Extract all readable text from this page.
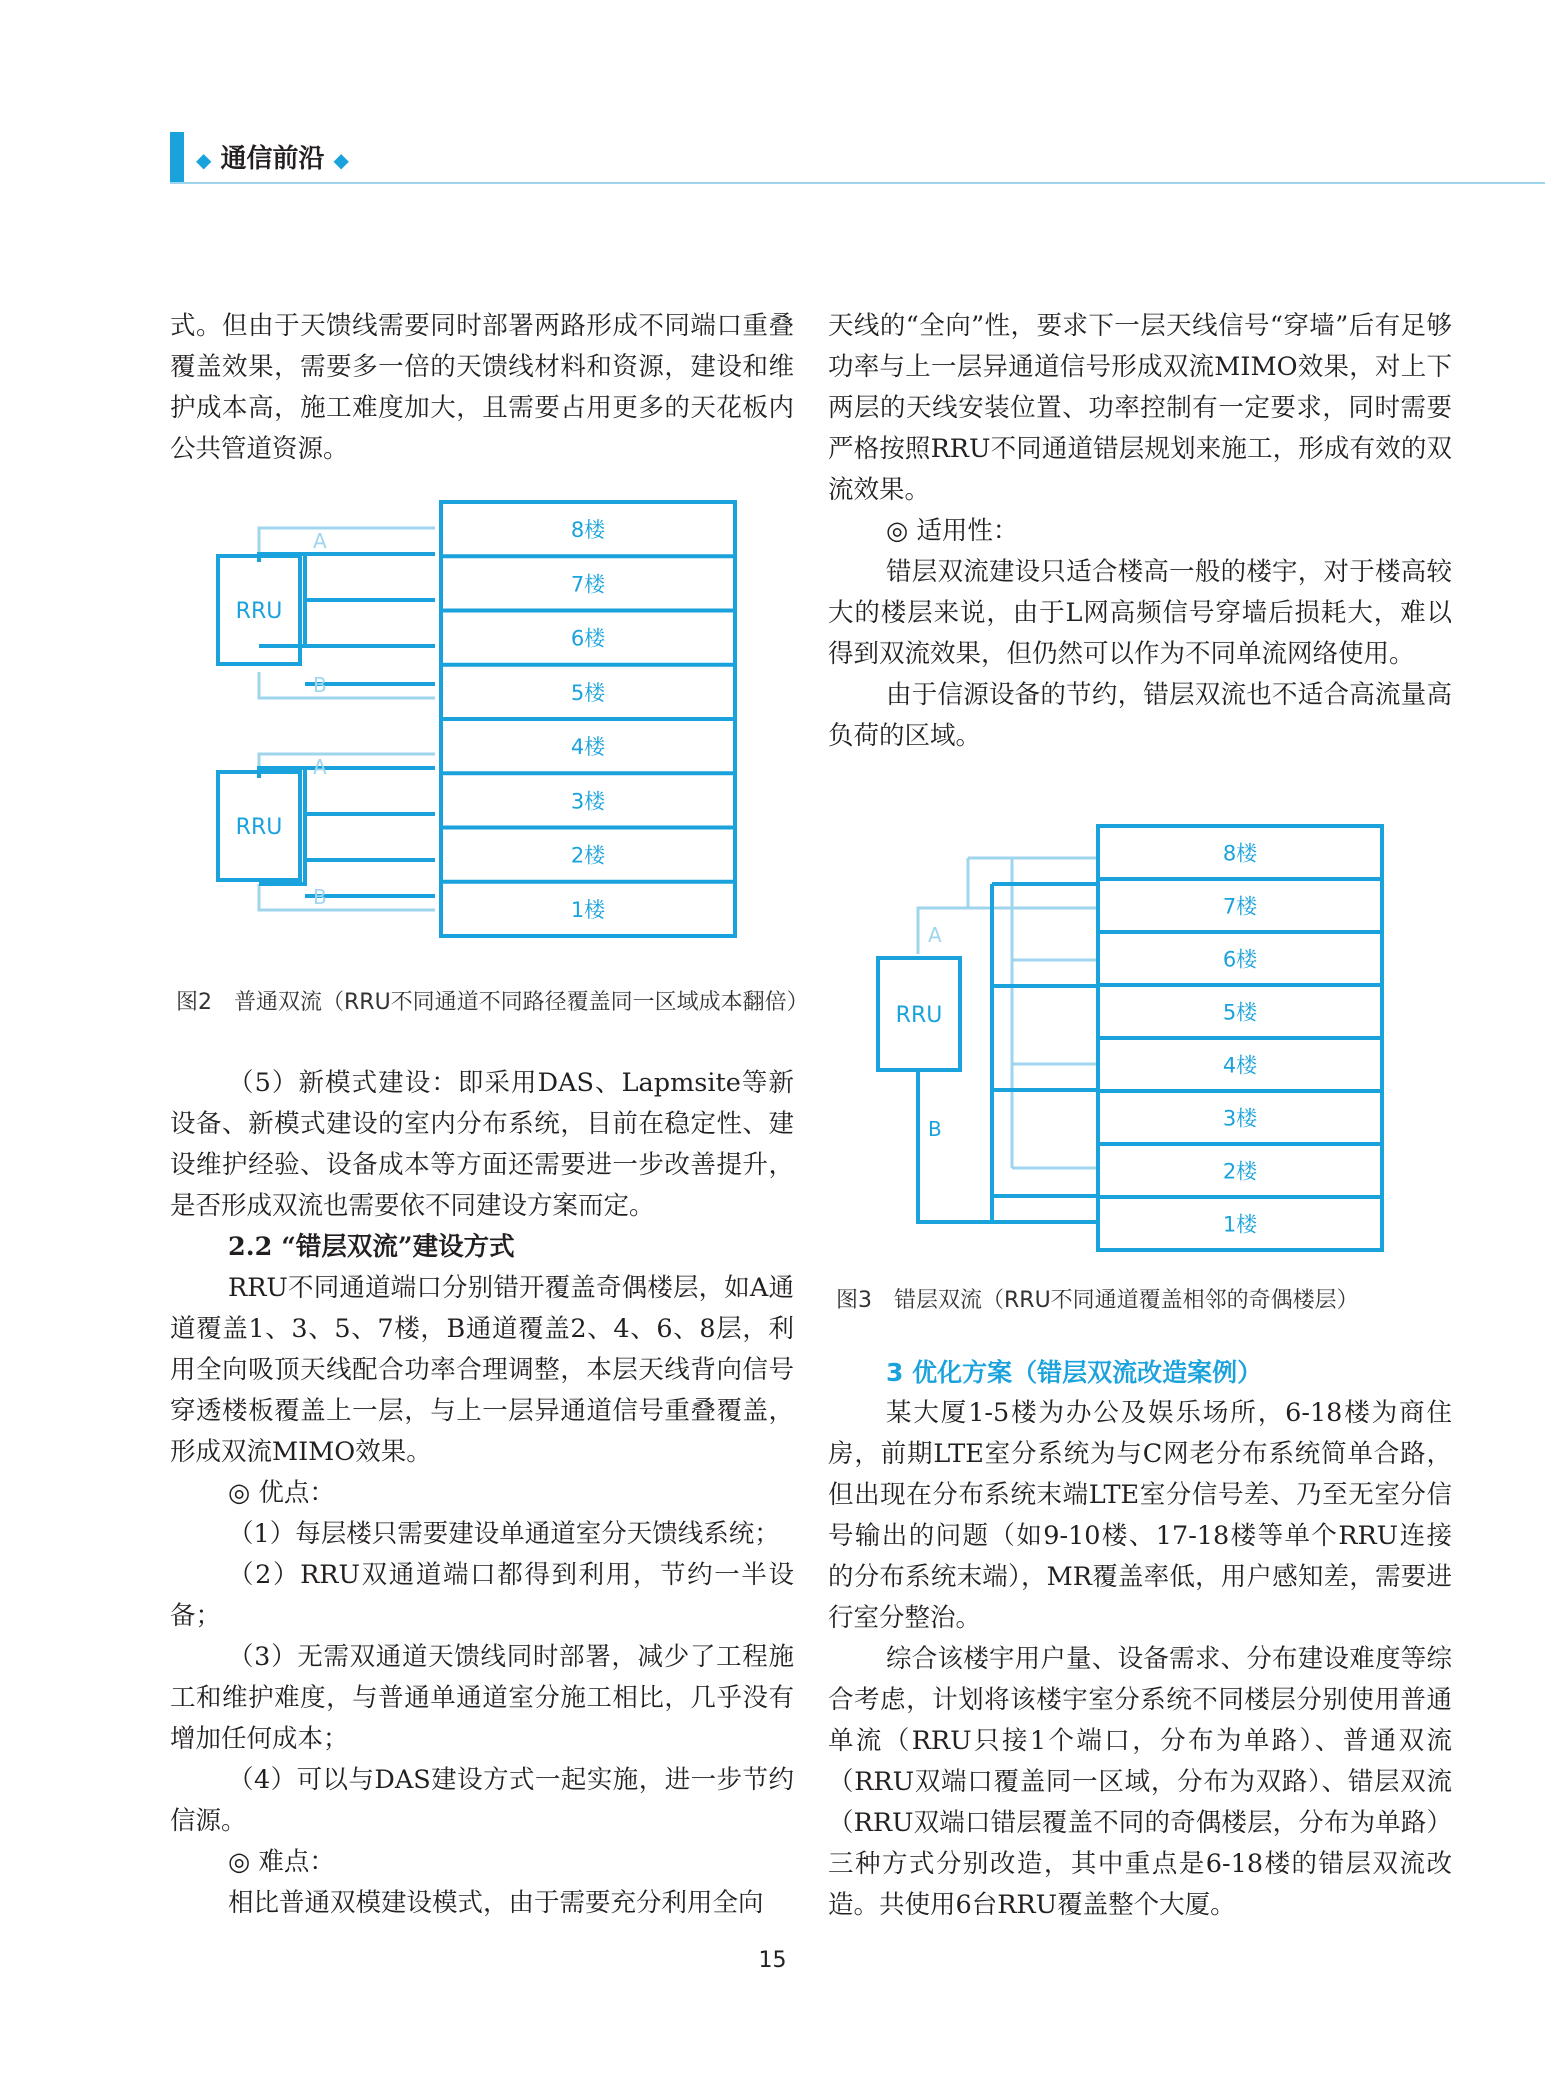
◆ 通信前沿 ◆

式。但由于天馈线需要同时部署两路形成不同端口重叠覆盖效果，需要多一倍的天馈线材料和资源，建设和维护成本高，施工难度加大，且需要占用更多的天花板内公共管道资源。

RRU
RRU
A
B
A
B
8楼
7楼
6楼
5楼
4楼
3楼
2楼
1楼
图2　普通双流（RRU不同通道不同路径覆盖同一区域成本翻倍）

（5）新模式建设：即采用DAS、Lapmsite等新设备、新模式建设的室内分布系统，目前在稳定性、建设维护经验、设备成本等方面还需要进一步改善提升，是否形成双流也需要依不同建设方案而定。

2.2 “错层双流”建设方式

RRU不同通道端口分别错开覆盖奇偶楼层，如A通道覆盖1、3、5、7楼，B通道覆盖2、4、6、8层，利用全向吸顶天线配合功率合理调整，本层天线背向信号穿透楼板覆盖上一层，与上一层异通道信号重叠覆盖，形成双流MIMO效果。

◎ 优点：

（1）每层楼只需要建设单通道室分天馈线系统；

（2）RRU双通道端口都得到利用，节约一半设备；

（3）无需双通道天馈线同时部署，减少了工程施工和维护难度，与普通单通道室分施工相比，几乎没有增加任何成本；

（4）可以与DAS建设方式一起实施，进一步节约信源。

◎ 难点：

相比普通双模建设模式，由于需要充分利用全向

天线的“全向”性，要求下一层天线信号“穿墙”后有足够功率与上一层异通道信号形成双流MIMO效果，对上下两层的天线安装位置、功率控制有一定要求，同时需要严格按照RRU不同通道错层规划来施工，形成有效的双流效果。

◎ 适用性：

错层双流建设只适合楼高一般的楼宇，对于楼高较大的楼层来说，由于L网高频信号穿墙后损耗大，难以得到双流效果，但仍然可以作为不同单流网络使用。

由于信源设备的节约，错层双流也不适合高流量高负荷的区域。

RRU
A
B
8楼
7楼
6楼
5楼
4楼
3楼
2楼
1楼
图3　错层双流（RRU不同通道覆盖相邻的奇偶楼层）

3 优化方案（错层双流改造案例）

某大厦1-5楼为办公及娱乐场所，6-18楼为商住房，前期LTE室分系统为与C网老分布系统简单合路，但出现在分布系统末端LTE室分信号差、乃至无室分信号输出的问题（如9-10楼、17-18楼等单个RRU连接的分布系统末端），MR覆盖率低，用户感知差，需要进行室分整治。

综合该楼宇用户量、设备需求、分布建设难度等综合考虑，计划将该楼宇室分系统不同楼层分别使用普通单流（RRU只接1个端口，分布为单路）、普通双流（RRU双端口覆盖同一区域，分布为双路）、错层双流（RRU双端口错层覆盖不同的奇偶楼层，分布为单路）三种方式分别改造，其中重点是6-18楼的错层双流改造。共使用6台RRU覆盖整个大厦。

15
